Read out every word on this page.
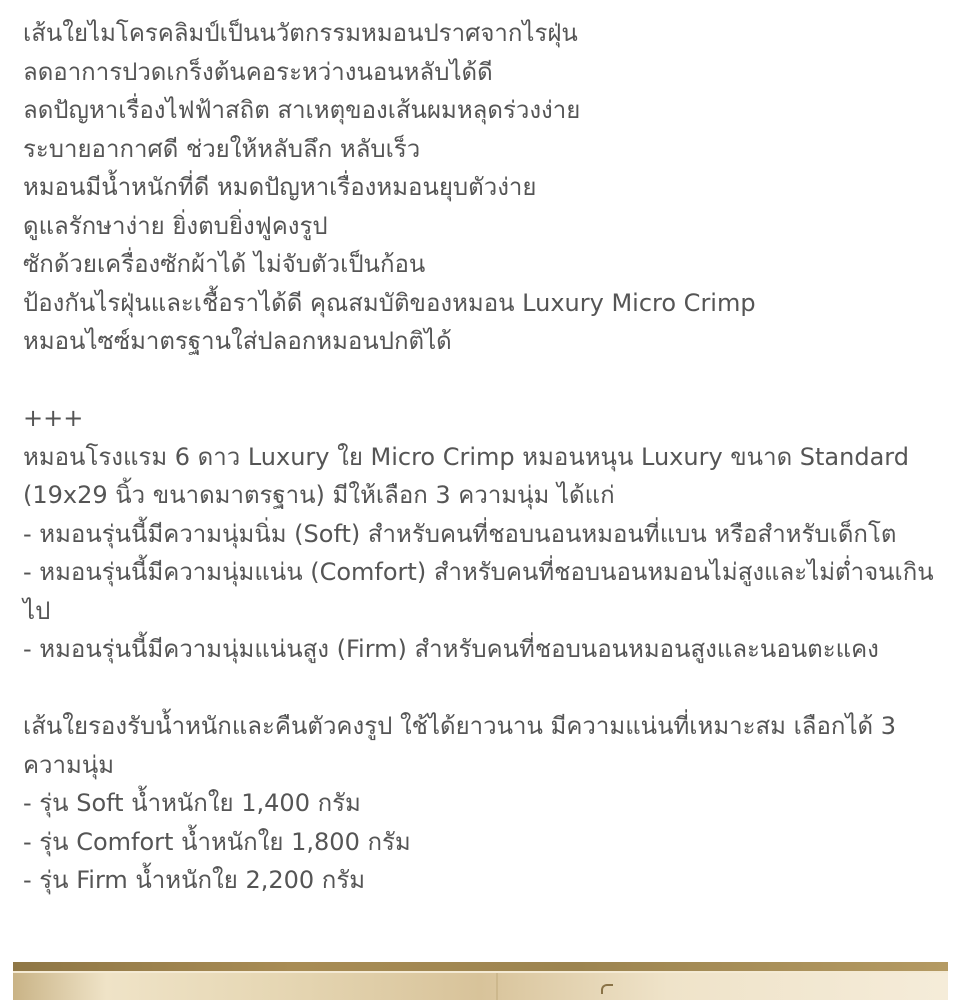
เส้นใยไมโครคลิมป์เป็นนวัตกรรมหมอนปราศจากไรฝุ่น

ลดอาการปวดเกร็งต้นคอระหว่างนอนหลับได้ดี

ลดปัญหาเรื่องไฟฟ้าสถิต สาเหตุของเส้นผมหลุดร่วงง่าย

ระบายอากาศดี ช่วยให้หลับลึก หลับเร็ว

หมอนมีน้ำหนักที่ดี หมดปัญหาเรื่องหมอนยุบตัวง่าย

ดูแลรักษาง่าย ยิ่งตบยิ่งฟูคงรูป

ซักด้วยเครื่องซักผ้าได้ ไม่จับตัวเป็นก้อน

ป้องกันไรฝุ่นและเชื้อราได้ดี คุณสมบัติของหมอน Luxury Micro Crimp

หมอนไซซ์มาตรฐานใส่ปลอกหมอนปกติได้

+++

หมอนโรงแรม 6 ดาว Luxury ใย Micro Crimp หมอนหนุน Luxury ขนาด Standard (19x29 นิ้ว ขนาดมาตรฐาน) มีให้เลือก 3 ความนุ่ม ได้แก่

- หมอนรุ่นนี้มีความนุ่มนิ่ม (Soft) สำหรับคนที่ชอบนอนหมอนที่แบน หรือสำหรับเด็กโต

- หมอนรุ่นนี้มีความนุ่มแน่น (Comfort) สำหรับคนที่ชอบนอนหมอนไม่สูงและไม่ต่ำจนเกินไป

- หมอนรุ่นนี้มีความนุ่มแน่นสูง (Firm) สำหรับคนที่ชอบนอนหมอนสูงและนอนตะแคง

เส้นใยรองรับน้ำหนักและคืนตัวคงรูป ใช้ได้ยาวนาน มีความแน่นที่เหมาะสม เลือกได้ 3 ความนุ่ม

- รุ่น Soft น้ำหนักใย 1,400 กรัม

- รุ่น Comfort น้ำหนักใย 1,800 กรัม

- รุ่น Firm น้ำหนักใย 2,200 กรัม
